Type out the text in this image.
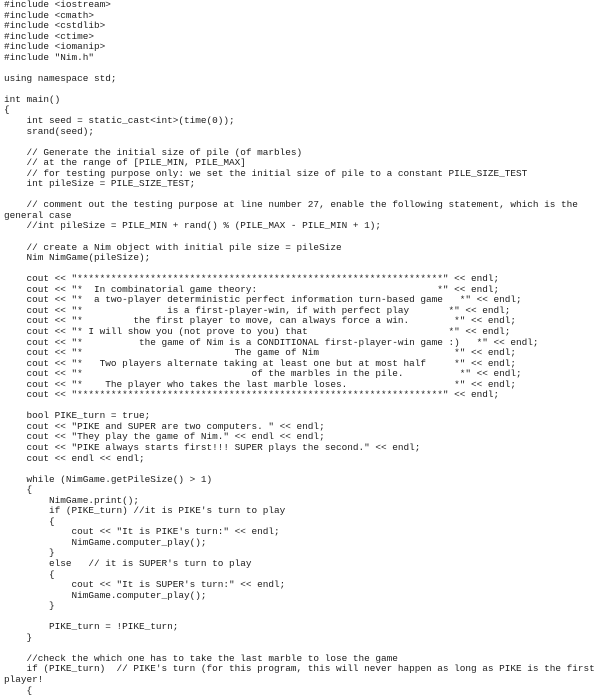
#include <iostream>
#include <cmath>
#include <cstdlib>
#include <ctime>
#include <iomanip>
#include "Nim.h"
using namespace std;
int main()
{
int seed = static_cast<int>(time(0));
srand(seed);
// Generate the initial size of pile (of marbles)
// at the range of [PILE_MIN, PILE_MAX]
// for testing purpose only: we set the initial size of pile to a constant PILE_SIZE_TEST
int pileSize = PILE_SIZE_TEST;
// comment out the testing purpose at line number 27, enable the following statement, which is the general case
//int pileSize = PILE_MIN + rand() % (PILE_MAX - PILE_MIN + 1);
// create a Nim object with initial pile size = pileSize
Nim NimGame(pileSize);
cout << "*****************************************************************" << endl;
cout << "*  In combinatorial game theory:                                *" << endl;
cout << "*  a two-player deterministic perfect information turn-based game   *" << endl;
cout << "*               is a first-player-win, if with perfect play       *" << endl;
cout << "*         the first player to move, can always force a win.        *" << endl;
cout << "* I will show you (not prove to you) that                         *" << endl;
cout << "*          the game of Nim is a CONDITIONAL first-player-win game :)   *" << endl;
cout << "*                           The game of Nim                        *" << endl;
cout << "*   Two players alternate taking at least one but at most half     *" << endl;
cout << "*                              of the marbles in the pile.          *" << endl;
cout << "*    The player who takes the last marble loses.                   *" << endl;
cout << "*****************************************************************" << endl;
bool PIKE_turn = true;
cout << "PIKE and SUPER are two computers. " << endl;
cout << "They play the game of Nim." << endl << endl;
cout << "PIKE always starts first!!! SUPER plays the second." << endl;
cout << endl << endl;
while (NimGame.getPileSize() > 1)
{
NimGame.print();
if (PIKE_turn) //it is PIKE's turn to play
{
cout << "It is PIKE's turn:" << endl;
NimGame.computer_play();
}
else   // it is SUPER's turn to play
{
cout << "It is SUPER's turn:" << endl;
NimGame.computer_play();
}
PIKE_turn = !PIKE_turn;
}
//check the which one has to take the last marble to lose the game
if (PIKE_turn)  // PIKE's turn (for this program, this will never happen as long as PIKE is the first player!
{
